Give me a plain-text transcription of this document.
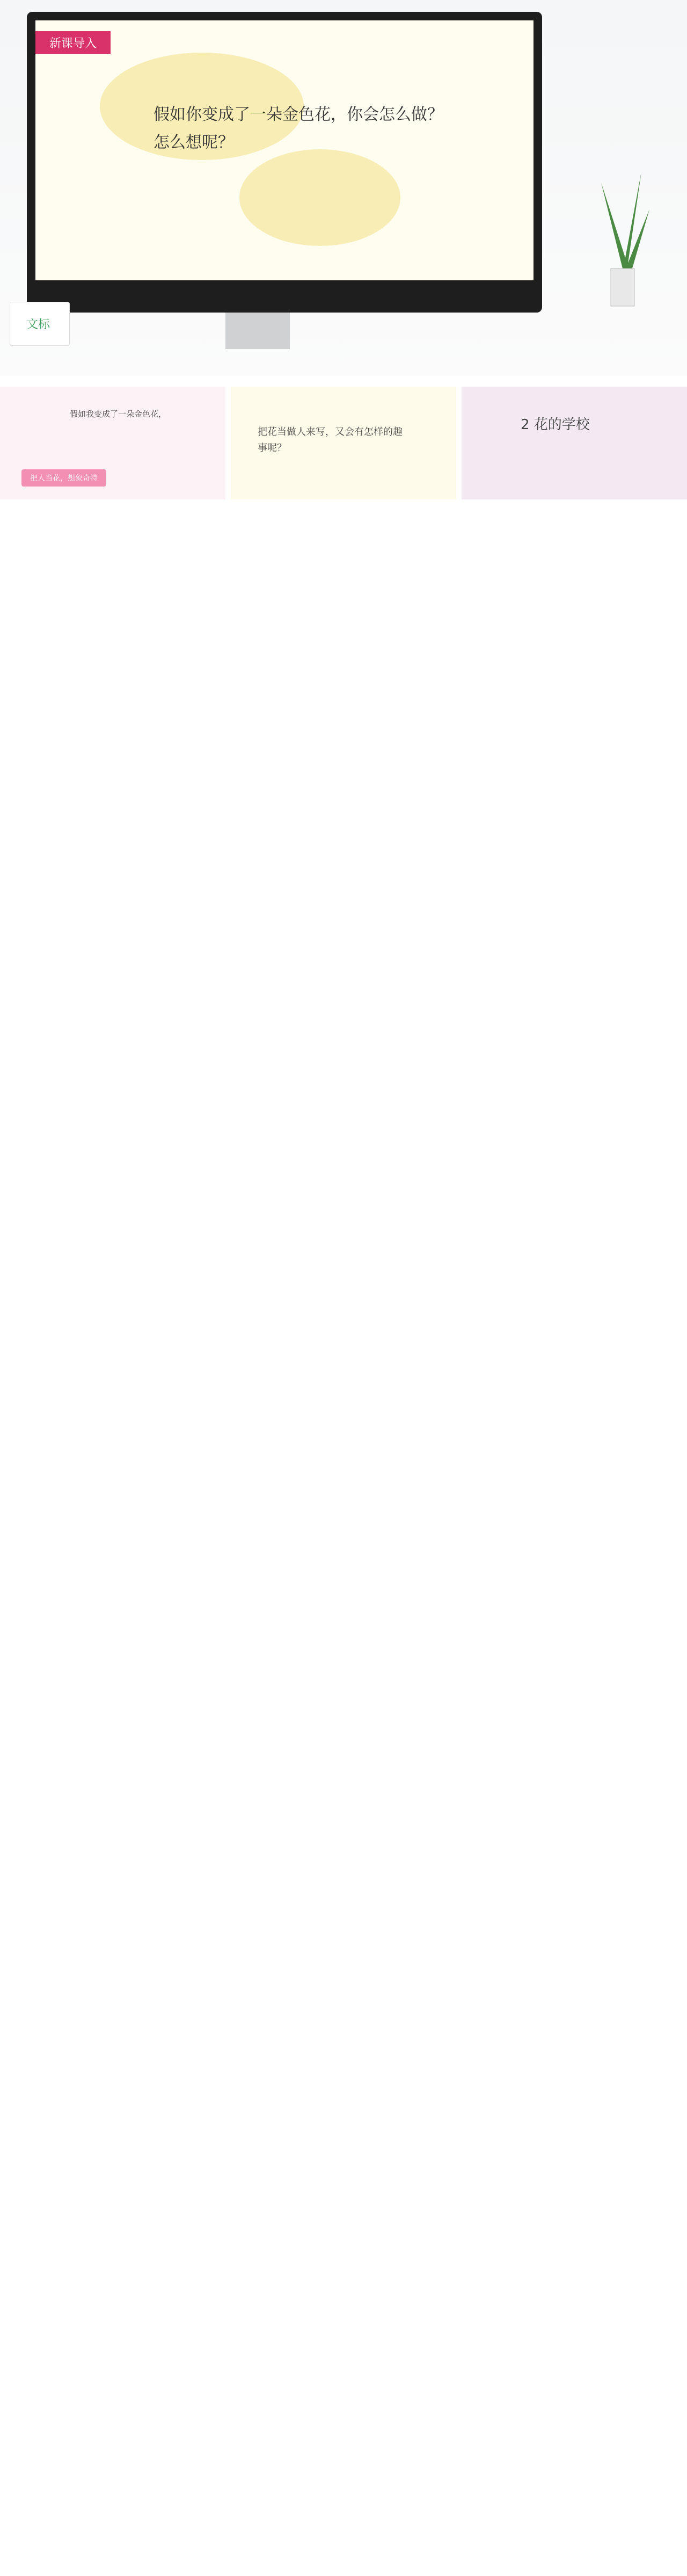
新课导入
假如你变成了一朵金色花，你会怎么做？怎么想呢？
文标
假如我变成了一朵金色花，
把人当花，想象奇特
把花当做人来写，又会有怎样的趣事呢？
2 花的学校
